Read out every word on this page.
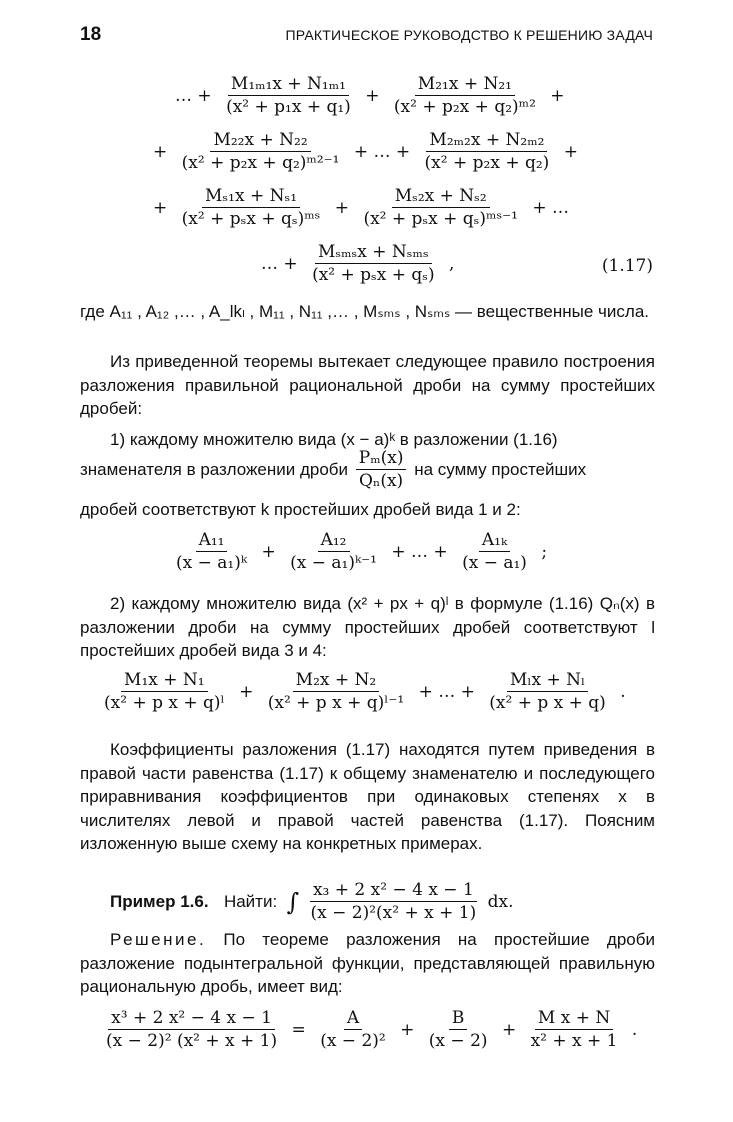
18	ПРАКТИЧЕСКОЕ РУКОВОДСТВО К РЕШЕНИЮ ЗАДАЧ
… + $\frac{\text{M₁ₘ₁x + N₁ₘ₁}}{\text{(x² + p₁x + q₁)}} + \frac{\text{M₂₁x + N₂₁}}{\text{(x² + p₂x + q₂)ᵐ²}}$ +
+ $\frac{\text{M₂₂x + N₂₂}}{\text{(x² + p₂x + q₂)ᵐ²⁻¹}}$ + … + $\frac{\text{M₂ₘ₂x + N₂ₘ₂}}{\text{(x² + p₂x + q₂)}}$ +
+ $\frac{\text{Mₛ₁x + Nₛ₁}}{\text{(x² + pₛx + qₛ)ᵐˢ}} + \frac{\text{Mₛ₂x + Nₛ₂}}{\text{(x² + pₛx + qₛ)ᵐˢ⁻¹}}$ + …
… + $\frac{\text{Mₛₘₛx + Nₛₘₛ}}{\text{(x² + pₛx + qₛ)}}$ ,	(1.17)
где A₁₁ , A₁₂ ,… , A_lkₗ , M₁₁ , N₁₁ ,… , Mₛₘₛ , Nₛₘₛ — вещественные числа.
Из приведенной теоремы вытекает следующее правило построения разложения правильной рациональной дроби на сумму простейших дробей:
1) каждому множителю вида (x − a)ᵏ в разложении (1.16)
знаменателя в разложении дроби $\frac{\text{Pₘ(x)}}{\text{Qₙ(x)}}$ на сумму простейших
дробей соответствуют k простейших дробей вида 1 и 2:
$\frac{\text{A₁₁}}{\text{(x − a₁)ᵏ}} + \frac{\text{A₁₂}}{\text{(x − a₁)ᵏ⁻¹}}$ + … + $\frac{\text{A₁ₖ}}{\text{(x − a₁)}}$ ;
2) каждому множителю вида (x² + px + q)ˡ в формуле (1.16) Qₙ(x) в разложении дроби на сумму простейших дробей соответствуют l простейших дробей вида 3 и 4:
$\frac{\text{M₁x + N₁}}{\text{(x² + p x + q)ˡ}} + \frac{\text{M₂x + N₂}}{\text{(x² + p x + q)ˡ⁻¹}}$ + … + $\frac{\text{Mₗx + Nₗ}}{\text{(x² + p x + q)}}$ .
Коэффициенты разложения (1.17) находятся путем приведения в правой части равенства (1.17) к общему знаменателю и последующего приравнивания коэффициентов при одинаковых степенях x в числителях левой и правой частей равенства (1.17). Поясним изложенную выше схему на конкретных примерах.
Пример 1.6. Найти: ∫ $\frac{\text{x₃ + 2 x² − 4 x − 1}}{\text{(x − 2)²(x² + x + 1)}}$ dx.
Решение. По теореме разложения на простейшие дроби разложение подынтегральной функции, представляющей правильную рациональную дробь, имеет вид:
$\frac{\text{x³ + 2 x² − 4 x − 1}}{\text{(x − 2)² (x² + x + 1)}} = \frac{A}{\text{(x − 2)²}} + \frac{B}{(x - 2)} + \frac{\text{M x + N}}{\text{x² + x + 1}}$ .
